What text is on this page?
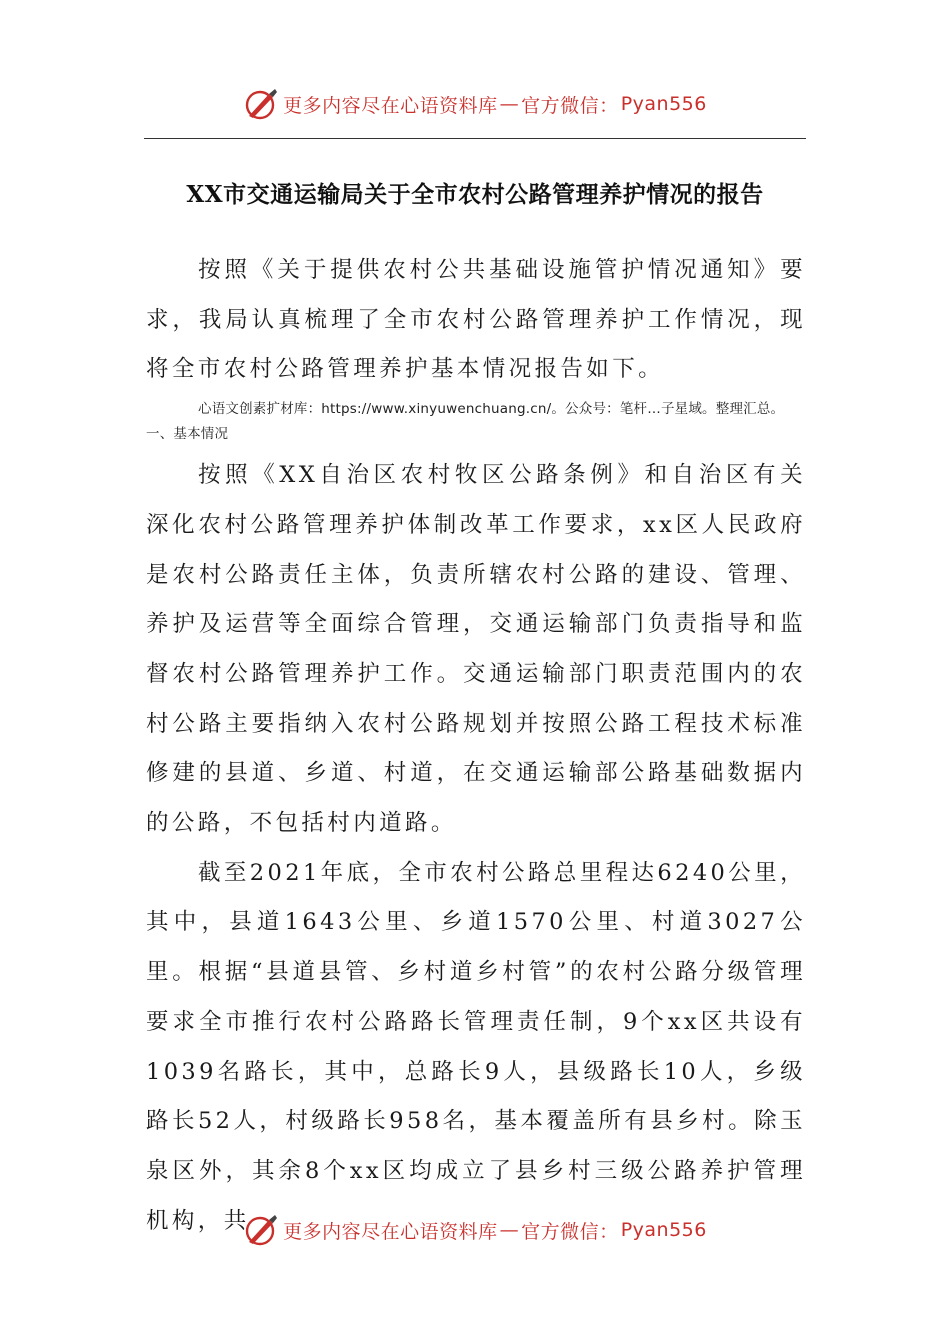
更多内容尽在心语资料库 — 官方微信： Pyan556
XX市交通运输局关于全市农村公路管理养护情况的报告

按照《关于提供农村公共基础设施管护情况通知》要求，我局认真梳理了全市农村公路管理养护工作情况，现将全市农村公路管理养护基本情况报告如下。

心语文创素扩材库：https://www.xinyuwenchuang.cn/。公众号：笔杆…子星域。整理汇总。一、基本情况

按照《XX自治区农村牧区公路条例》和自治区有关深化农村公路管理养护体制改革工作要求，xx区人民政府是农村公路责任主体，负责所辖农村公路的建设、管理、养护及运营等全面综合管理，交通运输部门负责指导和监督农村公路管理养护工作。交通运输部门职责范围内的农村公路主要指纳入农村公路规划并按照公路工程技术标准修建的县道、乡道、村道，在交通运输部公路基础数据内的公路，不包括村内道路。

截至2021年底，全市农村公路总里程达6240公里，其中，县道1643公里、乡道1570公里、村道3027公里。根据“县道县管、乡村道乡村管”的农村公路分级管理要求全市推行农村公路路长管理责任制，9个xx区共设有1039名路长，其中，总路长9人，县级路长10人，乡级路长52人，村级路长958名，基本覆盖所有县乡村。除玉泉区外，其余8个xx区均成立了县乡村三级公路养护管理机构，共	更多内容尽在心语资料库 — 官方微信： Pyan556
